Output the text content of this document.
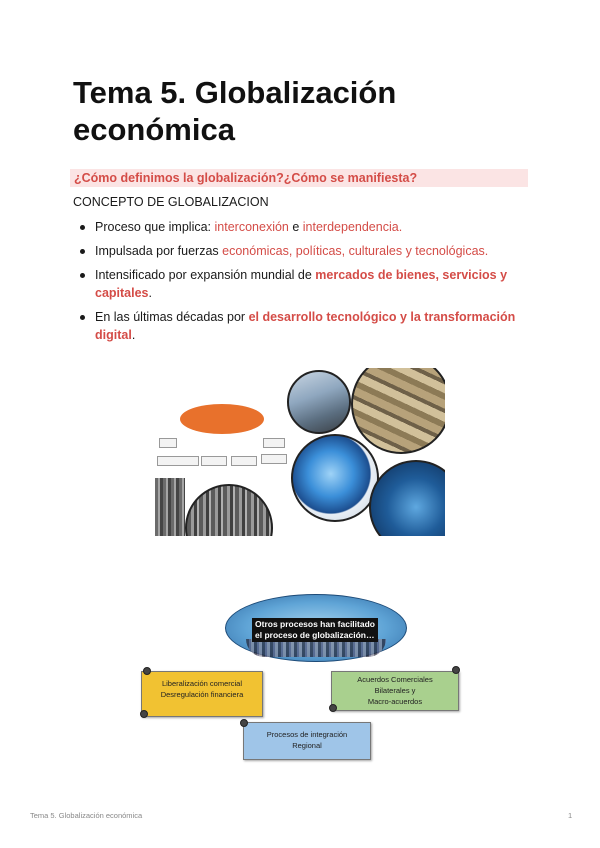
Tema 5. Globalización económica
¿Cómo definimos la globalización?¿Cómo se manifiesta?
CONCEPTO DE GLOBALIZACION
Proceso que implica: interconexión e interdependencia.
Impulsada por fuerzas económicas, políticas, culturales y tecnológicas.
Intensificado por expansión mundial de mercados de bienes, servicios y capitales.
En las últimas décadas por el desarrollo tecnológico y la transformación digital.
Otros procesos han facilitado
el proceso de globalización…
Liberalización comercial
Desregulación financiera
Acuerdos Comerciales
Bilaterales y
Macro-acuerdos
Procesos de integración
Regional
Tema 5. Globalización económica	1
